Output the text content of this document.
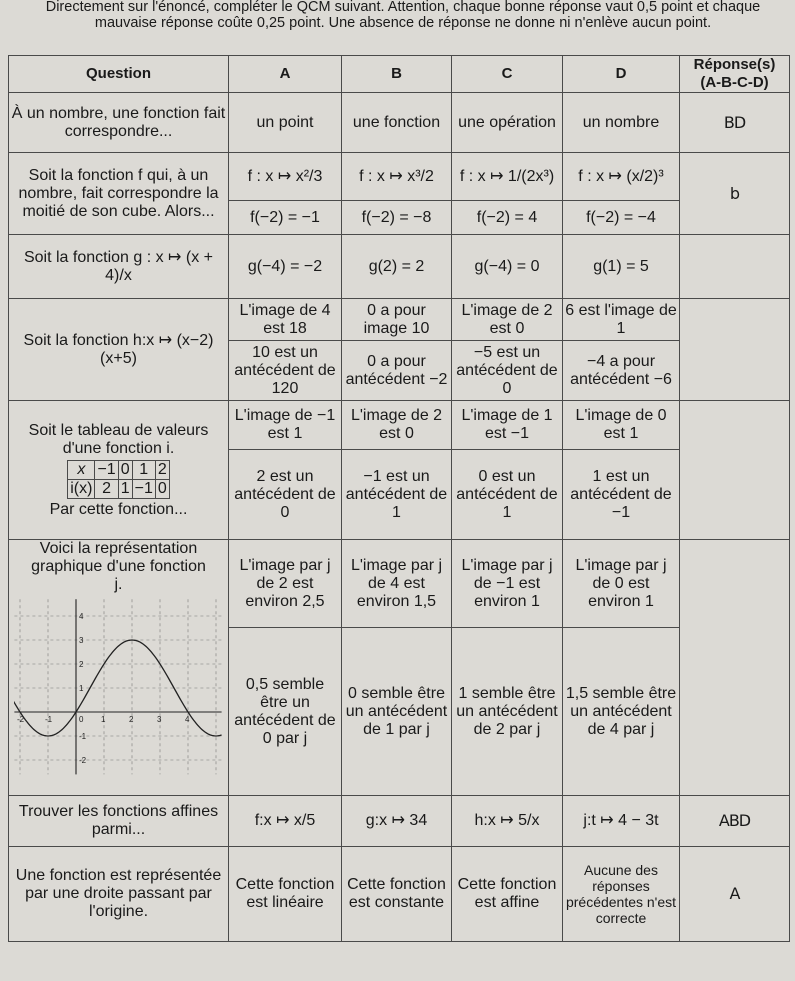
Directement sur l'énoncé, compléter le QCM suivant. Attention, chaque bonne réponse vaut 0,5 point et chaque mauvaise réponse coûte 0,25 point. Une absence de réponse ne donne ni n'enlève aucun point.
Question	A	B	C	D	Réponse(s) (A-B-C-D)
À un nombre, une fonction fait correspondre...	un point	une fonction	une opération	un nombre	BD
Soit la fonction f qui, à un nombre, fait correspondre la moitié de son cube. Alors...	f : x ↦ x²/3	f : x ↦ x³/2	f : x ↦ 1/(2x³)	f : x ↦ (x/2)³	b
f(−2) = −1	f(−2) = −8	f(−2) = 4	f(−2) = −4
Soit la fonction g : x ↦ (x + 4)/x	g(−4) = −2	g(2) = 2	g(−4) = 0	g(1) = 5	
Soit la fonction h:x ↦ (x−2)(x+5)	L'image de 4 est 18	0 a pour image 10	L'image de 2 est 0	6 est l'image de 1	
10 est un antécédent de 120	0 a pour antécédent −2	−5 est un antécédent de 0	−4 a pour antécédent −6

Soit le tableau de valeurs d'une fonction i.
x	−1	0	1	2
i(x)	2	1	−1	0
Par cette fonction...
	L'image de −1 est 1	L'image de 2 est 0	L'image de 1 est −1	L'image de 0 est 1	
2 est un antécédent de 0	−1 est un antécédent de 1	0 est un antécédent de 1	1 est un antécédent de −1

Voici la représentation graphique d'une fonction j.
-2	-1	0 1	2	3	4
4
3
2
1
-1
-2
	L'image par j de 2 est environ 2,5	L'image par j de 4 est environ 1,5	L'image par j de −1 est environ 1	L'image par j de 0 est environ 1	
0,5 semble être un antécédent de 0 par j	0 semble être un antécédent de 1 par j	1 semble être un antécédent de 2 par j	1,5 semble être un antécédent de 4 par j
Trouver les fonctions affines parmi...	f:x ↦ x/5	g:x ↦ 34	h:x ↦ 5/x	j:t ↦ 4 − 3t	ABD
Une fonction est représentée par une droite passant par l'origine.	Cette fonction est linéaire	Cette fonction est constante	Cette fonction est affine	Aucune des réponses précédentes n'est correcte	A
